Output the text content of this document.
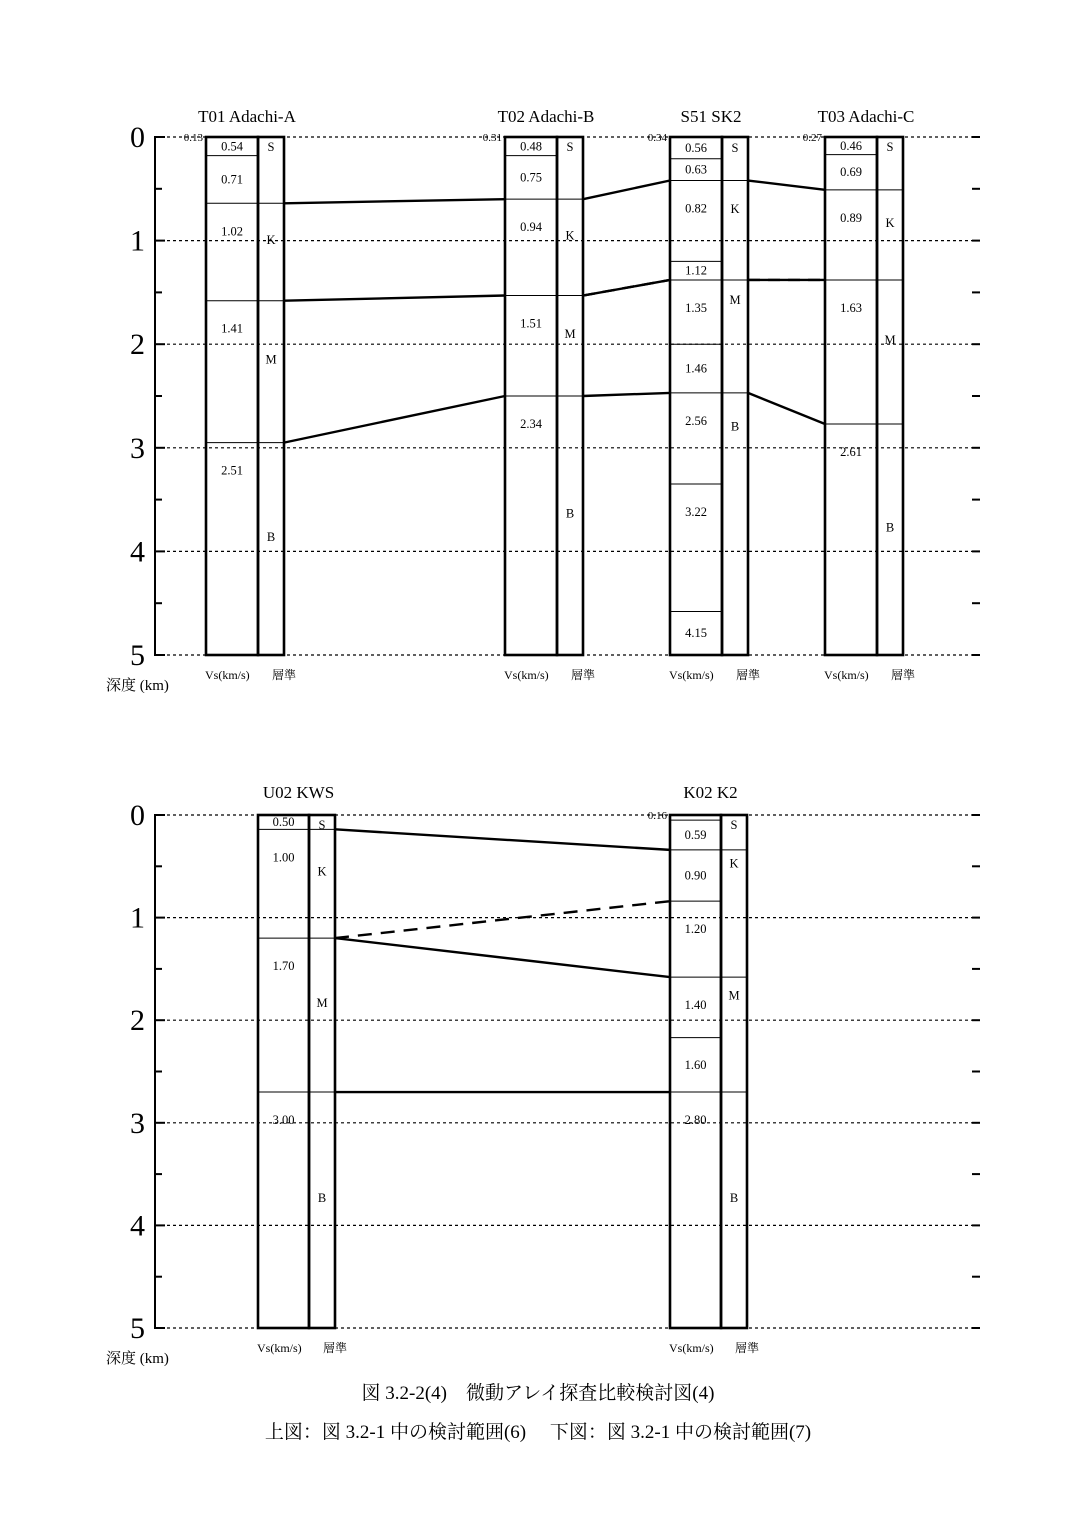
0
1
2
3
4
5
深度 (km)
T01 Adachi-A
0.13
0.54 S
0.71
1.02
K
1.41
M
2.51
B
Vs(km/s) 層準
T02 Adachi-B
0.31
0.48 S
0.75
0.94
K
1.51
M
2.34
B
Vs(km/s) 層準
S51 SK2
0.34
0.56 S
0.63
0.82 K
1.12
1.35
M
1.46
2.56 B
3.22
4.15
Vs(km/s) 層準
T03 Adachi-C
0.27
0.46 S
0.69
0.89 K
1.63
M
2.61
B
Vs(km/s) 層準
0
1
2
3
4
5
深度 (km)
U02 KWS
0.50 S
1.00
K
1.70
M
3.00
B
Vs(km/s) 層準
K02 K2
0.16
S
0.59
0.90
K
1.20
1.40
M
1.60
2.80
B
Vs(km/s) 層準
図 3.2-2(4)　微動アレイ探査比較検討図(4)
上図：図 3.2-1 中の検討範囲(6)　 下図：図 3.2-1 中の検討範囲(7)
